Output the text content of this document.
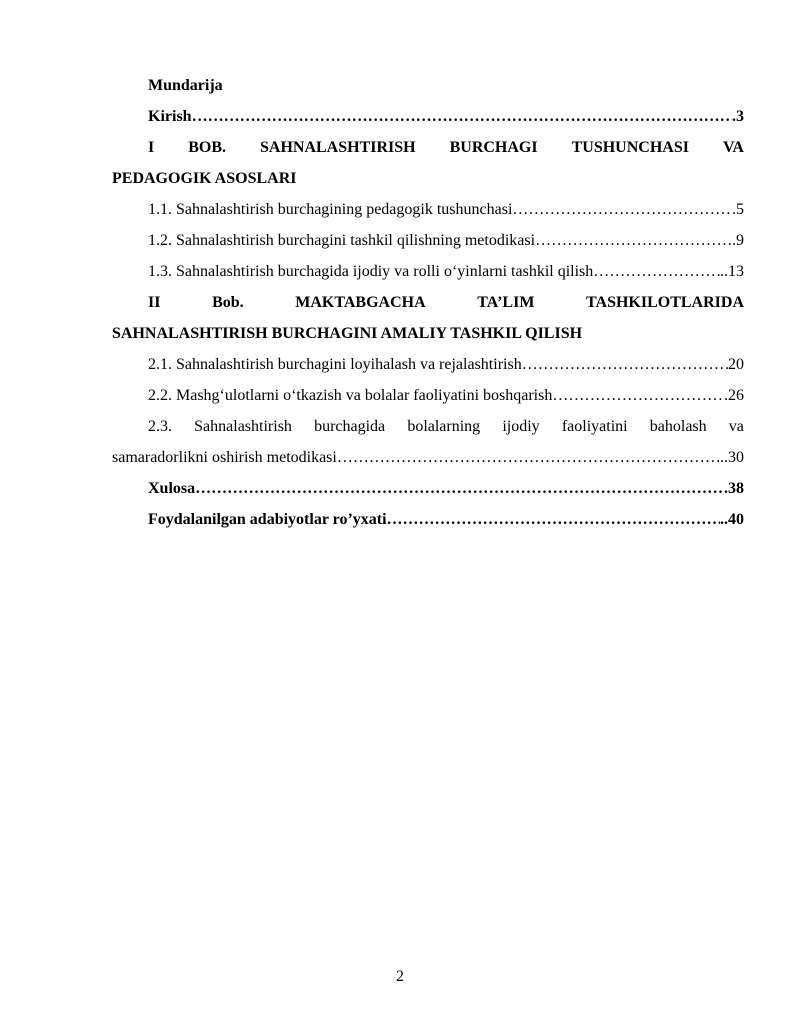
Mundarija
Kirish ……………………………………………………………………………………………………………………………………………………	.3
I BOB. SAHNALASHTIRISH BURCHAGI TUSHUNCHASI VA
PEDAGOGIK ASOSLARI
1.1. Sahnalashtirish burchagining pedagogik tushunchasi ……………………………………………………………………………………………………………………………………………………	.5
1.2. Sahnalashtirish burchagini tashkil qilishning metodikasi ……………………………………………………………………………………………………………………………………………………	.9
1.3. Sahnalashtirish burchagida ijodiy va rolli o‘yinlarni tashkil qilish ……………………………………………………………………………………………………………………………………………………	..13
II	Bob.	MAKTABGACHA	TA’LIM	TASHKILOTLARIDA
SAHNALASHTIRISH BURCHAGINI AMALIY TASHKIL QILISH
2.1. Sahnalashtirish burchagini loyihalash va rejalashtirish ……………………………………………………………………………………………………………………………………………………	20
2.2. Mashg‘ulotlarni o‘tkazish va bolalar faoliyatini boshqarish ……………………………………………………………………………………………………………………………………………………	.26
2.3. Sahnalashtirish burchagida bolalarning ijodiy faoliyatini baholash va
samaradorlikni oshirish metodikasi ……………………………………………………………………………………………………………………………………………………	..30
Xulosa ……………………………………………………………………………………………………………………………………………………	.38
Foydalanilgan adabiyotlar ro’yxati ……………………………………………………………………………………………………………………………………………………	..40
2
